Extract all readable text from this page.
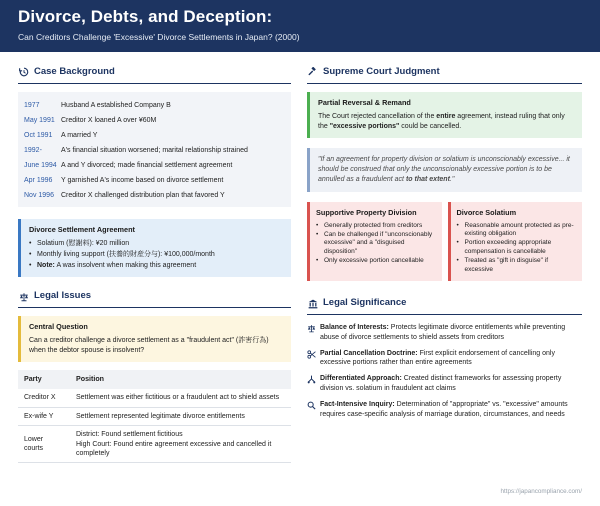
Divorce, Debts, and Deception:
Can Creditors Challenge 'Excessive' Divorce Settlements in Japan? (2000)
Case Background
1977	Husband A established Company B
May 1991 Creditor X loaned A over ¥60M
Oct 1991	A married Y
1992-	A's financial situation worsened; marital relationship strained
June 1994 A and Y divorced; made financial settlement agreement
Apr 1996	Y garnished A's income based on divorce settlement
Nov 1996	Creditor X challenged distribution plan that favored Y
Divorce Settlement Agreement
• Solatium (慰謝料): ¥20 million
• Monthly living support (扶養的財産分与): ¥100,000/month
• Note: A was insolvent when making this agreement
Legal Issues
Central Question
Can a creditor challenge a divorce settlement as a "fraudulent act" (詐害行為) when the debtor spouse is insolvent?
Party	Position
Creditor X	Settlement was either fictitious or a fraudulent act to shield assets
Ex-wife Y	Settlement represented legitimate divorce entitlements
Lower courts	District: Found settlement fictitious
High Court: Found entire agreement excessive and cancelled it completely
Supreme Court Judgment
Partial Reversal & Remand
The Court rejected cancellation of the entire agreement, instead ruling that only the "excessive portions" could be cancelled.
"If an agreement for property division or solatium is unconscionably excessive... it should be construed that only the unconscionably excessive portion is to be annulled as a fraudulent act to that extent."
Supportive Property Division
• Generally protected from creditors
• Can be challenged if "unconscionably excessive" and a "disguised disposition"
• Only excessive portion cancellable
Divorce Solatium
• Reasonable amount protected as pre-existing obligation
• Portion exceeding appropriate compensation is cancellable
• Treated as "gift in disguise" if excessive
Legal Significance
Balance of Interests: Protects legitimate divorce entitlements while preventing abuse of divorce settlements to shield assets from creditors
Partial Cancellation Doctrine: First explicit endorsement of cancelling only excessive portions rather than entire agreements
Differentiated Approach: Created distinct frameworks for assessing property division vs. solatium in fraudulent act claims
Fact-Intensive Inquiry: Determination of "appropriate" vs. "excessive" amounts requires case-specific analysis of marriage duration, circumstances, and needs
https://japancompliance.com/
